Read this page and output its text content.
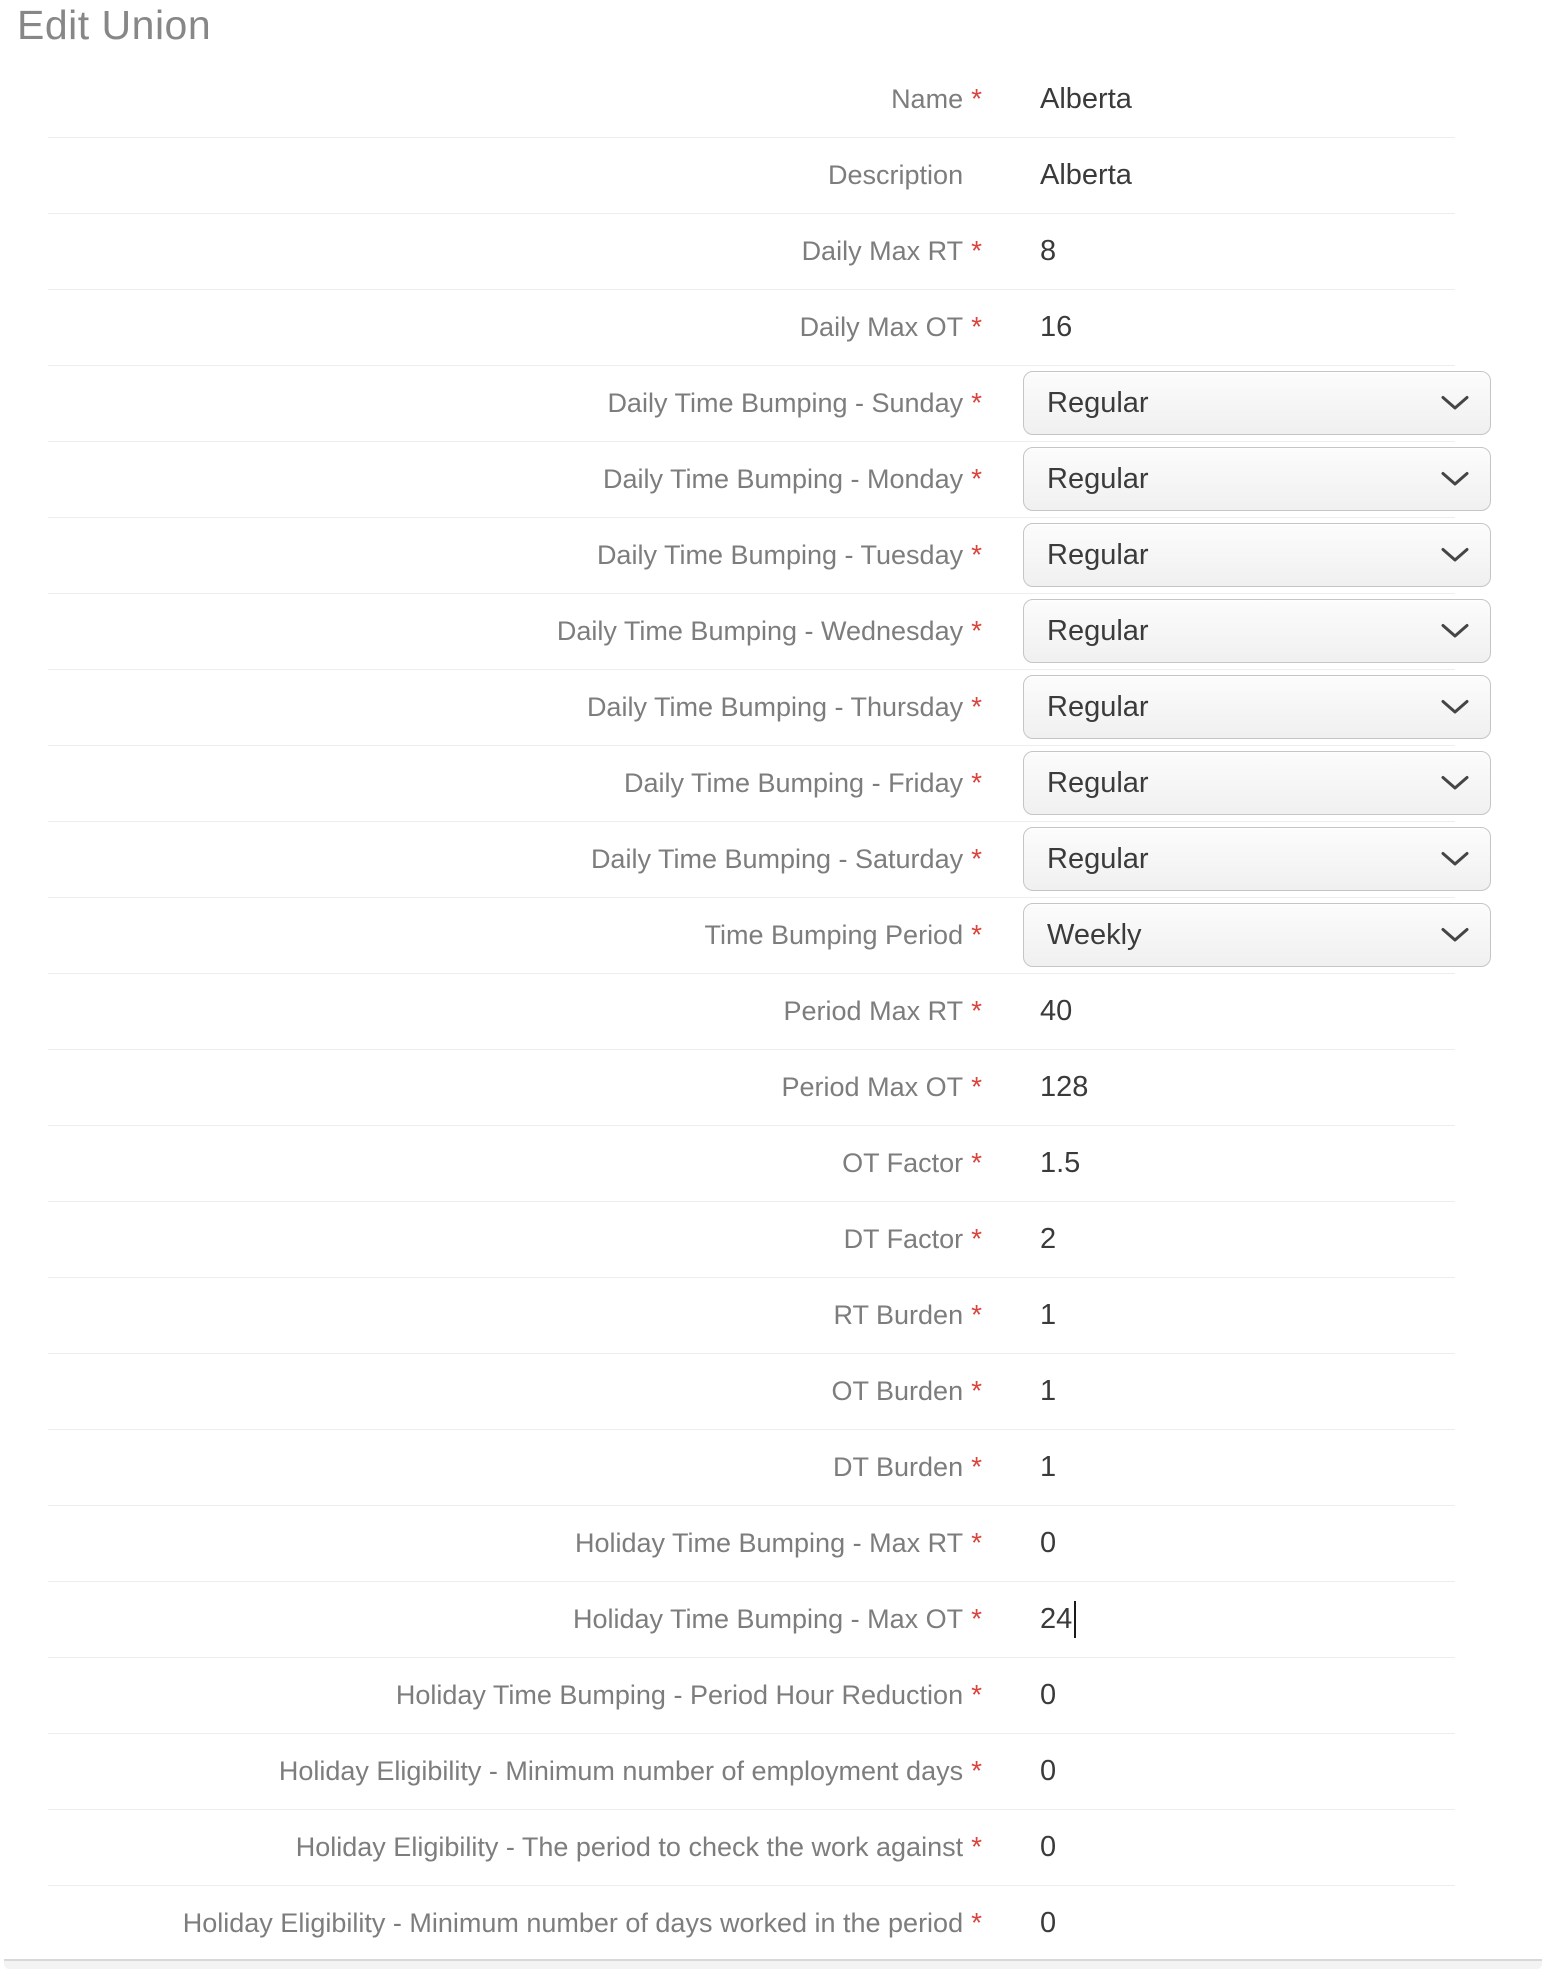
Edit Union
Name *	Alberta
Description	Alberta
Daily Max RT *	8
Daily Max OT *	16
Daily Time Bumping - Sunday * Regular
Daily Time Bumping - Monday * Regular
Daily Time Bumping - Tuesday * Regular
Daily Time Bumping - Wednesday * Regular
Daily Time Bumping - Thursday * Regular
Daily Time Bumping - Friday * Regular
Daily Time Bumping - Saturday * Regular
Time Bumping Period * Weekly
Period Max RT *	40
Period Max OT *	128
OT Factor *	1.5
DT Factor *	2
RT Burden *	1
OT Burden *	1
DT Burden *	1
Holiday Time Bumping - Max RT *	0
Holiday Time Bumping - Max OT *	24
Holiday Time Bumping - Period Hour Reduction *	0
Holiday Eligibility - Minimum number of employment days *	0
Holiday Eligibility - The period to check the work against *	0
Holiday Eligibility - Minimum number of days worked in the period *	0
